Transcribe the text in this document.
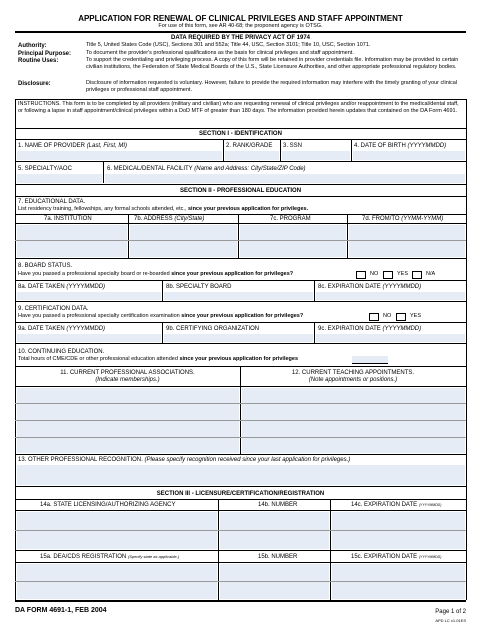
APPLICATION FOR RENEWAL OF CLINICAL PRIVILEGES AND STAFF APPOINTMENT
For use of this form, see AR 40-68; the proponent agency is OTSG.
DATA REQUIRED BY THE PRIVACY ACT OF 1974
Authority:	Title 5, United States Code (USC), Sections 301 and 552a; Title 44, USC, Section 3101; Title 10, USC, Section 1071.
Principal Purpose:	To document the provider's professional qualifications as the basis for clinical privileges and staff appointment.
Routine Uses:	To support the credentialing and privileging process. A copy of this form will be retained in provider credentials file. Information may be provided to certain civilian institutions, the Federation of State Medical Boards of the U.S., State Licensure Authorities, and other appropriate professional regulatory bodies.
Disclosure:	Disclosure of information requested is voluntary. However, failure to provide the required information may interfere with the timely granting of your clinical privileges or professional staff appointment.
INSTRUCTIONS. This form is to be completed by all providers (military and civilian) who are requesting renewal of clinical privileges and/or reappointment to the medical/dental staff, or following a lapse in staff appointment/clinical privileges within a DoD MTF of greater than 180 days. The information provided herein updates that contained on the DA Form 4691.
SECTION I - IDENTIFICATION
1. NAME OF PROVIDER (Last, First, MI)	2. RANK/GRADE 3. SSN	4. DATE OF BIRTH (YYYYMMDD)
5. SPECIALTY/AOC	6. MEDICAL/DENTAL FACILITY (Name and Address: City/State/ZIP Code)
SECTION II - PROFESSIONAL EDUCATION
7. EDUCATIONAL DATA.
List residency training, fellowships, any formal schools attended, etc., since your previous application for privileges.
7a. INSTITUTION	7b. ADDRESS (City/State)	7c. PROGRAM	7d. FROM/TO (YYMM-YYMM)
8. BOARD STATUS.
Have you passed a professional specialty board or re-boarded since your previous application for privileges?	NO	YES	N/A
8a. DATE TAKEN (YYYYMMDD)	8b. SPECIALTY BOARD	8c. EXPIRATION DATE (YYYYMMDD)
9. CERTIFICATION DATA.
Have you passed a professional specialty certification examination since your previous application for privileges?	NO	YES
9a. DATE TAKEN (YYYYMMDD)	9b. CERTIFYING ORGANIZATION	9c. EXPIRATION DATE (YYYYMMDD)
10. CONTINUING EDUCATION.
Total hours of CME/CDE or other professional education attended since your previous application for privileges
11. CURRENT PROFESSIONAL ASSOCIATIONS.
(Indicate memberships.)
12. CURRENT TEACHING APPOINTMENTS.
(Note appointments or positions.)
13. OTHER PROFESSIONAL RECOGNITION. (Please specify recognition received since your last application for privileges.)
SECTION III - LICENSURE/CERTIFICATION/REGISTRATION
14a. STATE LICENSING/AUTHORIZING AGENCY	14b. NUMBER	14c. EXPIRATION DATE (YYYYMMDD)
15a. DEA/CDS REGISTRATION (Specify state as applicable.)	15b. NUMBER	15c. EXPIRATION DATE (YYYYMMDD)
DA FORM 4691-1, FEB 2004	Page 1 of 2
APD LC v1.01ES
